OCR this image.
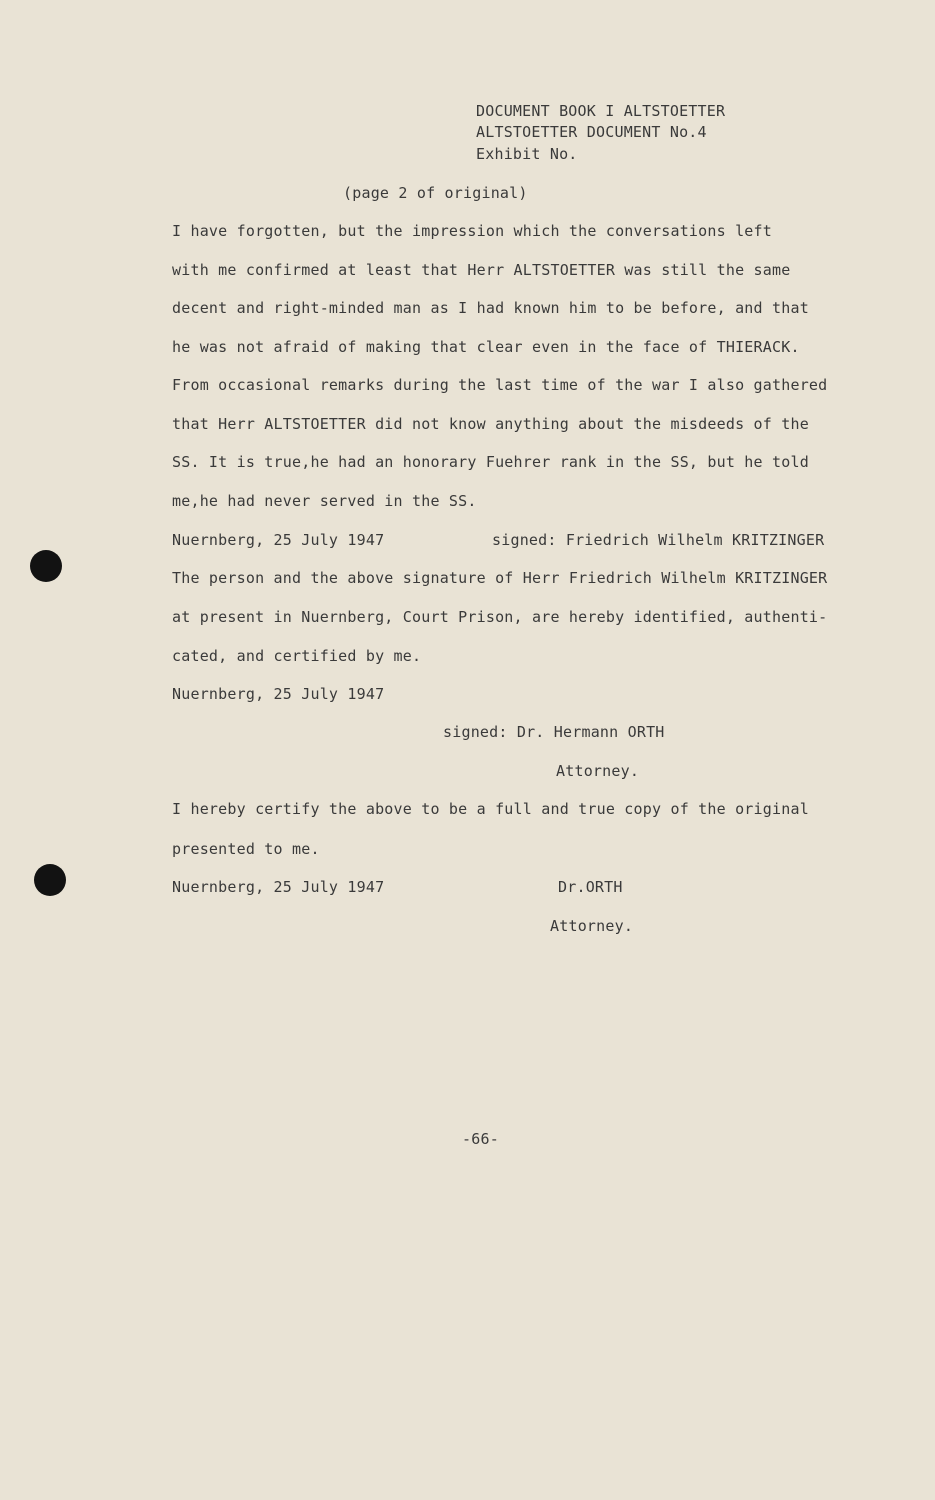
DOCUMENT BOOK I ALTSTOETTER

ALTSTOETTER DOCUMENT No.4

Exhibit No.

(page 2 of original)

I have forgotten, but the impression which the conversations left

with me confirmed at least that Herr ALTSTOETTER was still the same

decent and right-minded man as I had known him to be before, and that

he was not afraid of making that clear even in the face of THIERACK.

From occasional remarks during the last time of the war I also gathered

that Herr ALTSTOETTER did not know anything about the misdeeds of the

SS. It is true,he had an honorary Fuehrer rank in the SS, but he told

me,he had never served in the SS.

Nuernberg, 25 July 1947	signed: Friedrich Wilhelm KRITZINGER

The person and the above signature of Herr Friedrich Wilhelm KRITZINGER

at present in Nuernberg, Court Prison, are hereby identified, authenti-

cated, and certified by me.

Nuernberg, 25 July 1947

signed: Dr. Hermann ORTH

Attorney.

I hereby certify the above to be a full and true copy of the original

presented to me.

Nuernberg, 25 July 1947	Dr.ORTH

Attorney.

-66-
